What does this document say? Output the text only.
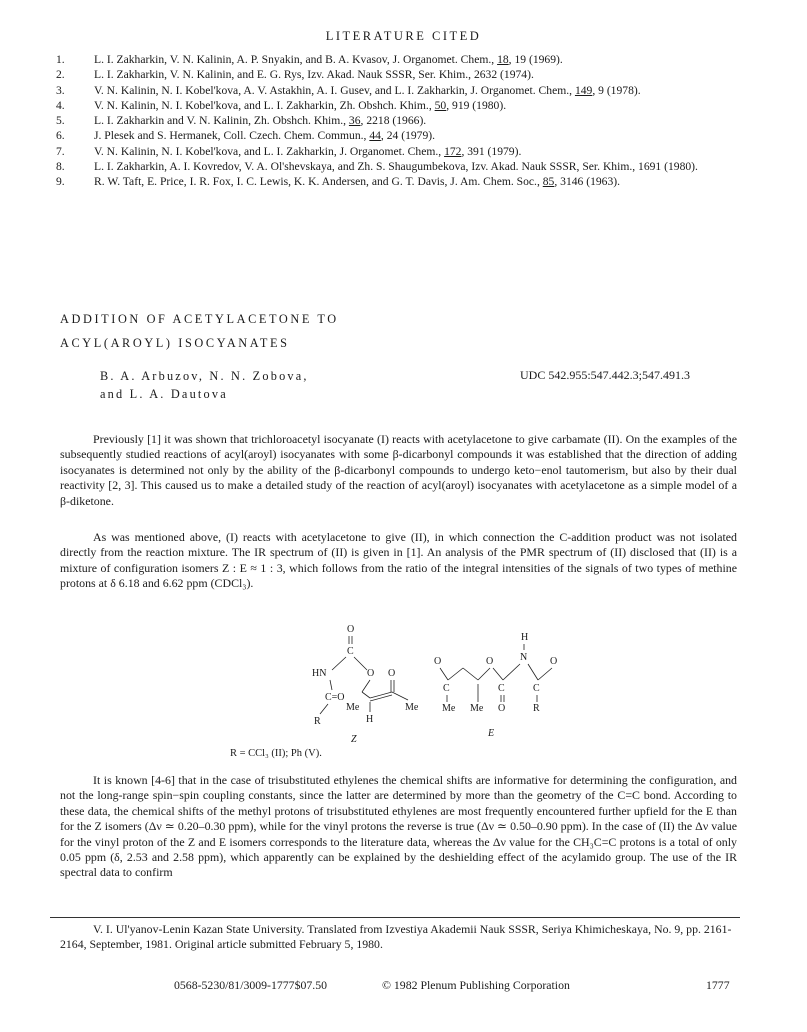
LITERATURE CITED
1.	L. I. Zakharkin, V. N. Kalinin, A. P. Snyakin, and B. A. Kvasov, J. Organomet. Chem., 18, 19 (1969).
2.	L. I. Zakharkin, V. N. Kalinin, and E. G. Rys, Izv. Akad. Nauk SSSR, Ser. Khim., 2632 (1974).
3.	V. N. Kalinin, N. I. Kobel'kova, A. V. Astakhin, A. I. Gusev, and L. I. Zakharkin, J. Organomet. Chem., 149, 9 (1978).
4.	V. N. Kalinin, N. I. Kobel'kova, and L. I. Zakharkin, Zh. Obshch. Khim., 50, 919 (1980).
5.	L. I. Zakharkin and V. N. Kalinin, Zh. Obshch. Khim., 36, 2218 (1966).
6.	J. Plesek and S. Hermanek, Coll. Czech. Chem. Commun., 44, 24 (1979).
7.	V. N. Kalinin, N. I. Kobel'kova, and L. I. Zakharkin, J. Organomet. Chem., 172, 391 (1979).
8.	L. I. Zakharkin, A. I. Kovredov, V. A. Ol'shevskaya, and Zh. S. Shaugumbekova, Izv. Akad. Nauk SSSR, Ser. Khim., 1691 (1980).
9.	R. W. Taft, E. Price, I. R. Fox, I. C. Lewis, K. K. Andersen, and G. T. Davis, J. Am. Chem. Soc., 85, 3146 (1963).
ADDITION OF ACETYLACETONE TO
ACYL(AROYL) ISOCYANATES
B. A. Arbuzov, N. N. Zobova,
and L. A. Dautova
UDC 542.955:547.442.3;547.491.3

Previously [1] it was shown that trichloroacetyl isocyanate (I) reacts with acetylacetone to give carbamate (II). On the examples of the subsequently studied reactions of acyl(aroyl) isocyanates with some β-dicarbonyl compounds it was established that the direction of adding isocyanates is determined not only by the ability of the β-dicarbonyl compounds to undergo keto−enol tautomerism, but also by their dual reactivity [2, 3]. This caused us to make a detailed study of the reaction of acyl(aroyl) isocyanates with acetylacetone as a simple model of a β-diketone.

As was mentioned above, (I) reacts with acetylacetone to give (II), in which connection the C-addition product was not isolated directly from the reaction mixture. The IR spectrum of (II) is given in [1]. An analysis of the PMR spectrum of (II) disclosed that (II) is a mixture of configuration isomers Z : E ≈ 1 : 3, which follows from the ratio of the integral intensities of the signals of two types of methine protons at δ 6.18 and 6.62 ppm (CDCl₃).

O
C
HN	O O
C=O
Me	Me
H
R
Z
H
O	O	N O
C	C	C
Me Me O	R
E
R = CCl₃ (II); Ph (V).

It is known [4-6] that in the case of trisubstituted ethylenes the chemical shifts are informative for determining the configuration, and not the long-range spin−spin coupling constants, since the latter are determined by more than the geometry of the C=C bond. According to these data, the chemical shifts of the methyl protons of trisubstituted ethylenes are most frequently encountered further upfield for the E than for the Z isomers (Δν ≃ 0.20–0.30 ppm), while for the vinyl protons the reverse is true (Δν ≃ 0.50–0.90 ppm). In the case of (II) the Δν value for the vinyl proton of the Z and E isomers corresponds to the literature data, whereas the Δν value for the CH₃C=C protons is a total of only 0.05 ppm (δ, 2.53 and 2.58 ppm), which apparently can be explained by the deshielding effect of the acylamido group. The use of the IR spectral data to confirm

V. I. Ul'yanov-Lenin Kazan State University. Translated from Izvestiya Akademii Nauk SSSR, Seriya Khimicheskaya, No. 9, pp. 2161-2164, September, 1981. Original article submitted February 5, 1980.

0568-5230/81/3009-1777$07.50	© 1982 Plenum Publishing Corporation	1777
